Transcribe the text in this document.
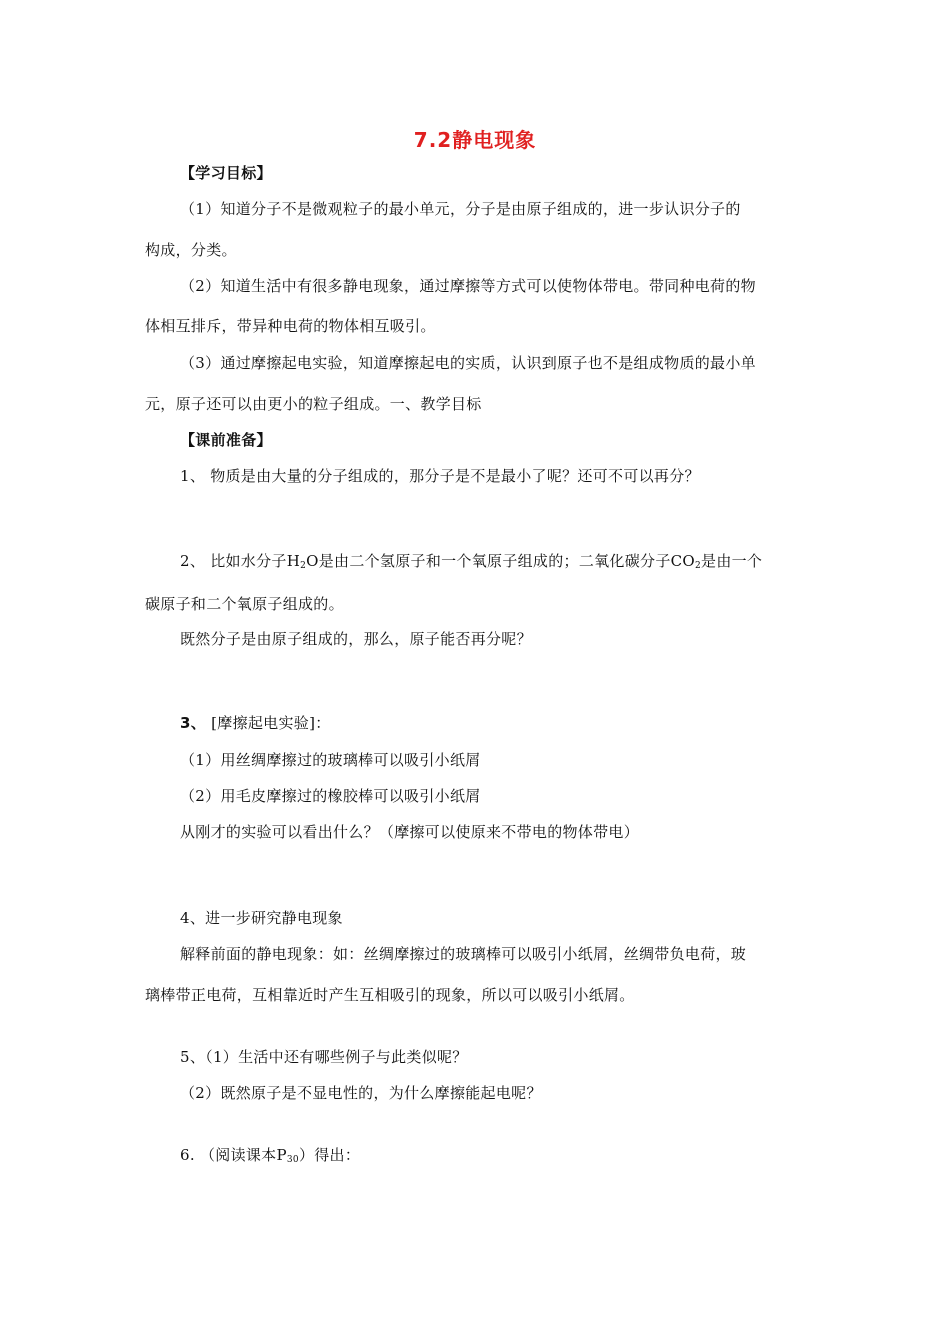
7.2静电现象
【学习目标】
（1）知道分子不是微观粒子的最小单元，分子是由原子组成的，进一步认识分子的
构成，分类。
（2）知道生活中有很多静电现象，通过摩擦等方式可以使物体带电。带同种电荷的物
体相互排斥，带异种电荷的物体相互吸引。
（3）通过摩擦起电实验，知道摩擦起电的实质，认识到原子也不是组成物质的最小单
元，原子还可以由更小的粒子组成。一、教学目标
【课前准备】
1、 物质是由大量的分子组成的，那分子是不是最小了呢？还可不可以再分？
2、 比如水分子$H_2O$是由二个氢原子和一个氧原子组成的；二氧化碳分子$CO_2$是由一个
碳原子和二个氧原子组成的。
既然分子是由原子组成的，那么，原子能否再分呢？
3、 [摩擦起电实验]：
（1）用丝绸摩擦过的玻璃棒可以吸引小纸屑
（2）用毛皮摩擦过的橡胶棒可以吸引小纸屑
从刚才的实验可以看出什么？（摩擦可以使原来不带电的物体带电）
4、进一步研究静电现象
解释前面的静电现象：如：丝绸摩擦过的玻璃棒可以吸引小纸屑，丝绸带负电荷，玻
璃棒带正电荷，互相靠近时产生互相吸引的现象，所以可以吸引小纸屑。
5、（1）生活中还有哪些例子与此类似呢？
（2）既然原子是不显电性的，为什么摩擦能起电呢？
6. （阅读课本$P_{30}$）得出：
